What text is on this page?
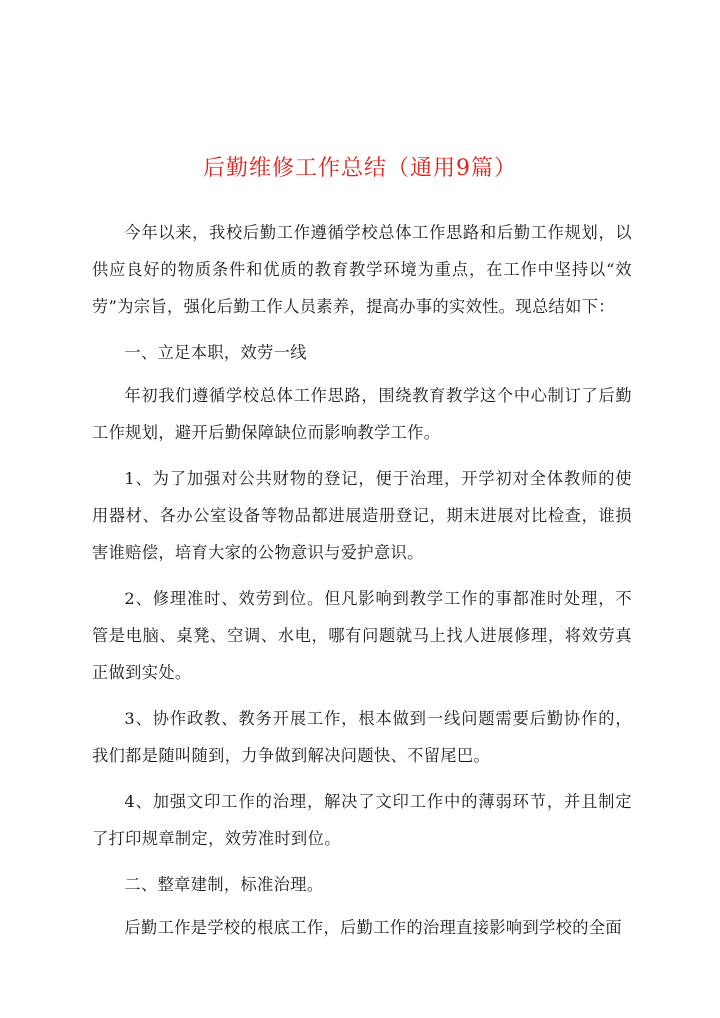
后勤维修工作总结（通用9篇）

今年以来，我校后勤工作遵循学校总体工作思路和后勤工作规划，以供应良好的物质条件和优质的教育教学环境为重点，在工作中坚持以“效劳”为宗旨，强化后勤工作人员素养，提高办事的实效性。现总结如下：

一、立足本职，效劳一线

年初我们遵循学校总体工作思路，围绕教育教学这个中心制订了后勤工作规划，避开后勤保障缺位而影响教学工作。

1、为了加强对公共财物的登记，便于治理，开学初对全体教师的使用器材、各办公室设备等物品都进展造册登记，期末进展对比检查，谁损害谁赔偿，培育大家的公物意识与爱护意识。

2、修理准时、效劳到位。但凡影响到教学工作的事都准时处理，不管是电脑、桌凳、空调、水电，哪有问题就马上找人进展修理，将效劳真正做到实处。

3、协作政教、教务开展工作，根本做到一线问题需要后勤协作的，我们都是随叫随到，力争做到解决问题快、不留尾巴。

4、加强文印工作的治理，解决了文印工作中的薄弱环节，并且制定了打印规章制定，效劳准时到位。

二、整章建制，标准治理。

后勤工作是学校的根底工作，后勤工作的治理直接影响到学校的全面
